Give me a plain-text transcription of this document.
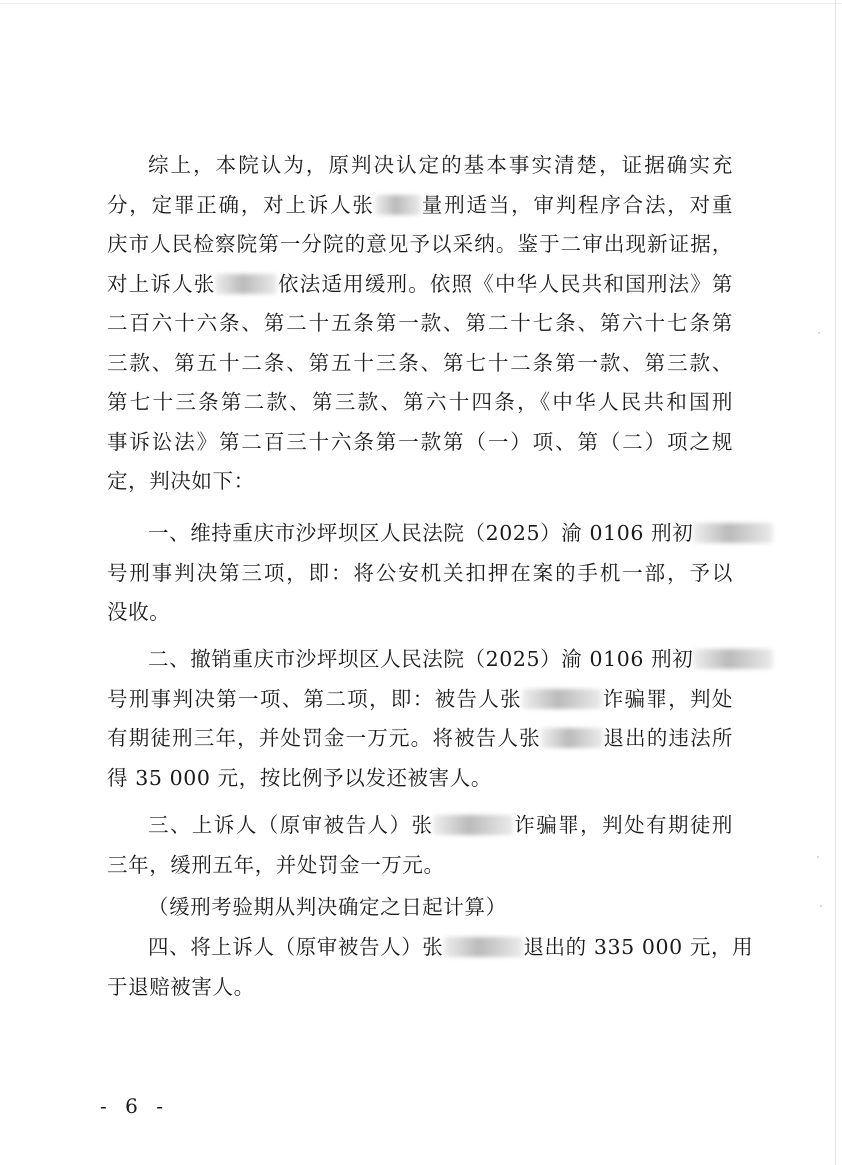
综上，本院认为，原判决认定的基本事实清楚，证据确实充
分，定罪正确，对上诉人张 量刑适当，审判程序合法，对重
庆市人民检察院第一分院的意见予以采纳。鉴于二审出现新证据，
对上诉人张	依法适用缓刑。依照《中华人民共和国刑法》第
二百六十六条、第二十五条第一款、第二十七条、第六十七条第
三款、第五十二条、第五十三条、第七十二条第一款、第三款、
第七十三条第二款、第三款、第六十四条，《中华人民共和国刑
事诉讼法》第二百三十六条第一款第（一）项、第（二）项之规
定，判决如下：
一、维持重庆市沙坪坝区人民法院（2025）渝 0106 刑初
号刑事判决第三项，即：将公安机关扣押在案的手机一部，予以
没收。
二、撤销重庆市沙坪坝区人民法院（2025）渝 0106 刑初
号刑事判决第一项、第二项，即：被告人张	诈骗罪，判处
有期徒刑三年，并处罚金一万元。将被告人张	退出的违法所
得 35 000 元，按比例予以发还被害人。
三、上诉人（原审被告人）张	诈骗罪，判处有期徒刑
三年，缓刑五年，并处罚金一万元。
（缓刑考验期从判决确定之日起计算）
四、将上诉人（原审被告人）张	退出的 335 000 元，用
于退赔被害人。
- 6 -
